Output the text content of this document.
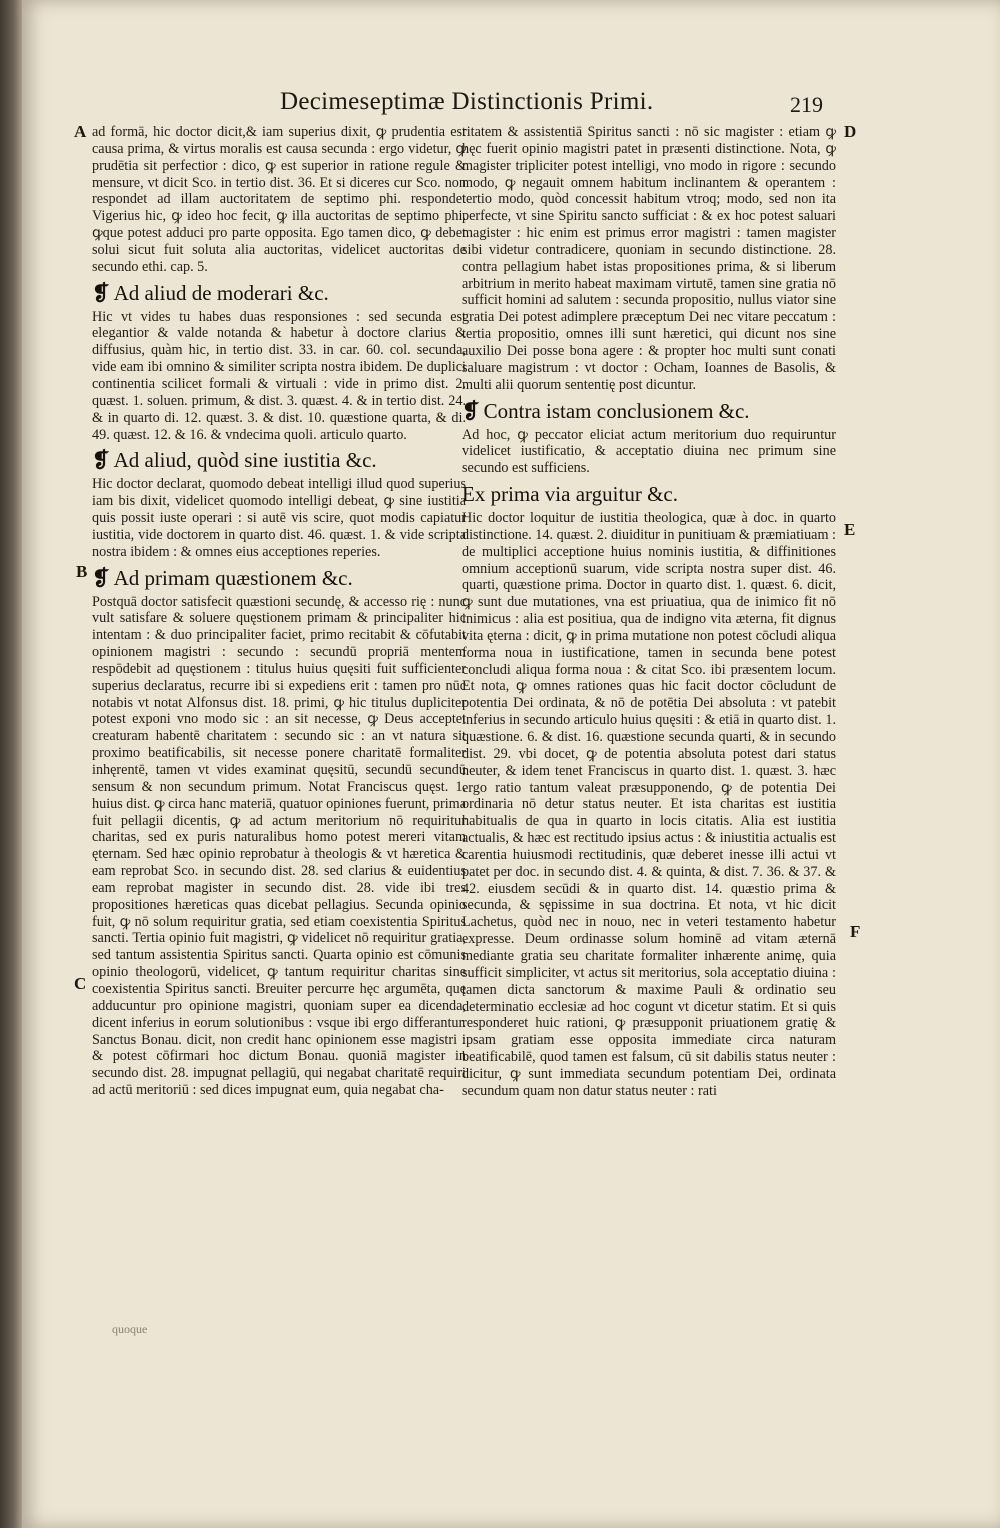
Decimeseptimæ Distinctionis Primi.	219
A
B
C
D
E
F

ad formā, hic doctor dicit,& iam superius dixit, ꝙ prudentia est causa prima, & virtus moralis est causa secunda : ergo videtur, ꝙ prudētia sit perfectior : dico, ꝙ est superior in ratione regule & mensure, vt dicit Sco. in tertio dist. 36. Et si diceres cur Sco. non respondet ad illam auctoritatem de septimo phi. respondet Vigerius hic, ꝙ ideo hoc fecit, ꝙ illa auctoritas de septimo phi. ꝙque potest adduci pro parte opposita. Ego tamen dico, ꝙ debet solui sicut fuit soluta alia auctoritas, videlicet auctoritas de secundo ethi. cap. 5.

❡ Ad aliud de moderari &c.

Hic vt vides tu habes duas responsiones : sed secunda est elegantior & valde notanda & habetur à doctore clarius & diffusius, quàm hic, in tertio dist. 33. in car. 60. col. secunda, vide eam ibi omnino & similiter scripta nostra ibidem. De duplici continentia scilicet formali & virtuali : vide in primo dist. 2. quæst. 1. soluen. primum, & dist. 3. quæst. 4. & in tertio dist. 24. & in quarto di. 12. quæst. 3. & dist. 10. quæstione quarta, & di. 49. quæst. 12. & 16. & vndecima quoli. articulo quarto.

❡ Ad aliud, quòd sine iustitia &c.

Hic doctor declarat, quomodo debeat intelligi illud quod superius iam bis dixit, videlicet quomodo intelligi debeat, ꝙ sine iustitia quis possit iuste operari : si autē vis scire, quot modis capiatur iustitia, vide doctorem in quarto dist. 46. quæst. 1. & vide scripta nostra ibidem : & omnes eius acceptiones reperies.

❡ Ad primam quæstionem &c.

Postquā doctor satisfecit quæstioni secundę, & accesso rię : nunc vult satisfare & soluere quęstionem primam & principaliter hic intentam : & duo principaliter faciet, primo recitabit & cōfutabit opinionem magistri : secundo : secundū propriā mentem respōdebit ad quęstionem : titulus huius quęsiti fuit sufficienter superius declaratus, recurre ibi si expediens erit : tamen pro nūc notabis vt notat Alfonsus dist. 18. primi, ꝙ hic titulus dupliciter potest exponi vno modo sic : an sit necesse, ꝙ Deus acceptet creaturam habentē charitatem : secundo sic : an vt natura sit proximo beatificabilis, sit necesse ponere charitatē formaliter inhęrentē, tamen vt vides examinat quęsitū, secundū secundū sensum & non secundum primum. Notat Franciscus quęst. 1. huius dist. ꝙ circa hanc materiā, quatuor opiniones fuerunt, prima fuit pellagii dicentis, ꝙ ad actum meritorium nō requiritur charitas, sed ex puris naturalibus homo potest mereri vitam ęternam. Sed hæc opinio reprobatur à theologis & vt hæretica & eam reprobat Sco. in secundo dist. 28. sed clarius & euidentius eam reprobat magister in secundo dist. 28. vide ibi tres propositiones hæreticas quas dicebat pellagius. Secunda opinio fuit, ꝙ nō solum requiritur gratia, sed etiam coexistentia Spiritus sancti. Tertia opinio fuit magistri, ꝙ videlicet nō requiritur gratia, sed tantum assistentia Spiritus sancti. Quarta opinio est cōmunis opinio theologorū, videlicet, ꝙ tantum requiritur charitas sine coexistentia Spiritus sancti. Breuiter percurre hęc argumēta, quę adducuntur pro opinione magistri, quoniam super ea dicenda, dicent inferius in eorum solutionibus : vsque ibi ergo differantur. Sanctus Bonau. dicit, non credit hanc opinionem esse magistri : & potest cōfirmari hoc dictum Bonau. quoniā magister in secundo dist. 28. impugnat pellagiū, qui negabat charitatē requiri ad actū meritoriū : sed dices impugnat eum, quia negabat cha-

ritatem & assistentiā Spiritus sancti : nō sic magister : etiam ꝙ hęc fuerit opinio magistri patet in præsenti distinctione. Nota, ꝙ magister tripliciter potest intelligi, vno modo in rigore : secundo modo, ꝙ negauit omnem habitum inclinantem & operantem : tertio modo, quòd concessit habitum vtroq; modo, sed non ita perfecte, vt sine Spiritu sancto sufficiat : & ex hoc potest saluari magister : hic enim est primus error magistri : tamen magister sibi videtur contradicere, quoniam in secundo distinctione. 28. contra pellagium habet istas propositiones prima, & si liberum arbitrium in merito habeat maximam virtutē, tamen sine gratia nō sufficit homini ad salutem : secunda propositio, nullus viator sine gratia Dei potest adimplere præceptum Dei nec vitare peccatum : tertia propositio, omnes illi sunt hæretici, qui dicunt nos sine auxilio Dei posse bona agere : & propter hoc multi sunt conati saluare magistrum : vt doctor : Ocham, Ioannes de Basolis, & multi alii quorum sententię post dicuntur.

❡ Contra istam conclusionem &c.

Ad hoc, ꝙ peccator eliciat actum meritorium duo requiruntur videlicet iustificatio, & acceptatio diuina nec primum sine secundo est sufficiens.

Ex prima via arguitur &c.

Hic doctor loquitur de iustitia theologica, quæ à doc. in quarto distinctione. 14. quæst. 2. diuiditur in punitiuam & præmiatiuam : de multiplici acceptione huius nominis iustitia, & diffinitiones omnium acceptionū suarum, vide scripta nostra super dist. 46. quarti, quæstione prima. Doctor in quarto dist. 1. quæst. 6. dicit, ꝙ sunt due mutationes, vna est priuatiua, qua de inimico fit nō inimicus : alia est positiua, qua de indigno vita æterna, fit dignus vita ęterna : dicit, ꝙ in prima mutatione non potest cōcludi aliqua forma noua in iustificatione, tamen in secunda bene potest concludi aliqua forma noua : & citat Sco. ibi præsentem locum. Et nota, ꝙ omnes rationes quas hic facit doctor cōcludunt de potentia Dei ordinata, & nō de potētia Dei absoluta : vt patebit inferius in secundo articulo huius quęsiti : & etiā in quarto dist. 1. quæstione. 6. & dist. 16. quæstione secunda quarti, & in secundo dist. 29. vbi docet, ꝙ de potentia absoluta potest dari status neuter, & idem tenet Franciscus in quarto dist. 1. quæst. 3. hæc ergo ratio tantum valeat præsupponendo, ꝙ de potentia Dei ordinaria nō detur status neuter. Et ista charitas est iustitia habitualis de qua in quarto in locis citatis. Alia est iustitia actualis, & hæc est rectitudo ipsius actus : & iniustitia actualis est carentia huiusmodi rectitudinis, quæ deberet inesse illi actui vt patet per doc. in secundo dist. 4. & quinta, & dist. 7. 36. & 37. & 42. eiusdem secūdi & in quarto dist. 14. quæstio prima & secunda, & sępissime in sua doctrina. Et nota, vt hic dicit Lachetus, quòd nec in nouo, nec in veteri testamento habetur expresse. Deum ordinasse solum hominē ad vitam æternā mediante gratia seu charitate formaliter inhærente animę, quia sufficit simpliciter, vt actus sit meritorius, sola acceptatio diuina : tamen dicta sanctorum & maxime Pauli & ordinatio seu determinatio ecclesiæ ad hoc cogunt vt dicetur statim. Et si quis responderet huic rationi, ꝙ præsupponit priuationem gratię & ipsam gratiam esse opposita immediate circa naturam beatificabilē, quod tamen est falsum, cū sit dabilis status neuter : dicitur, ꝙ sunt immediata secundum potentiam Dei, ordinata secundum quam non datur status neuter : rati

quoque
